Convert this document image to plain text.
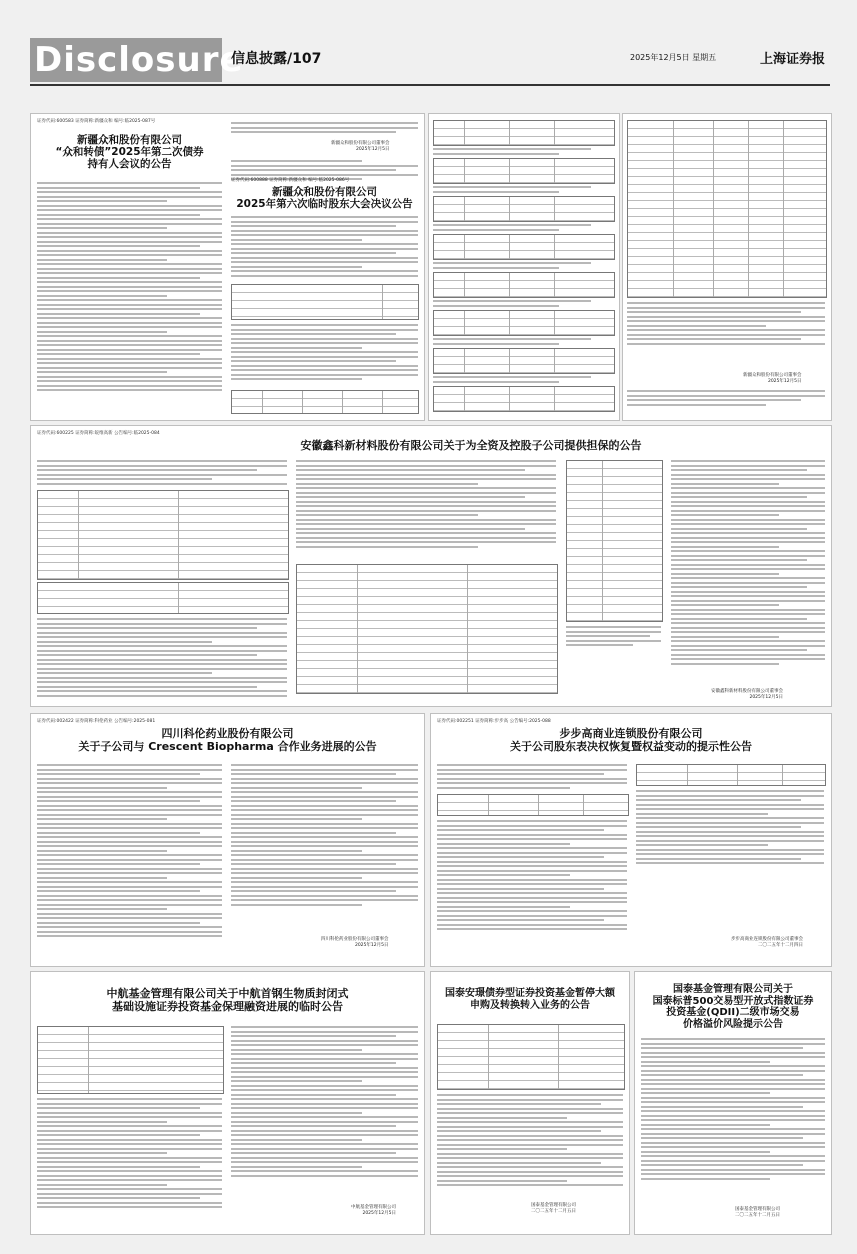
Disclosure
信息披露/107	2025年12月5日 星期五	上海证券报
证券代码:600583 证券简称:新疆众和 编号:临2025-087号
新疆众和股份有限公司
“众和转债”2025年第二次债券
持有人会议的公告
新疆众和股份有限公司董事会
2025年12月5日
证券代码:600888 证券简称:新疆众和 编号:临2025-086号
新疆众和股份有限公司
2025年第六次临时股东大会决议公告
新疆众和股份有限公司董事会
2025年12月5日
证券代码:600225 证券简称:皖维高新 公告编号:临2025-084
安徽鑫科新材料股份有限公司关于为全资及控股子公司提供担保的公告
安徽鑫科新材料股份有限公司董事会
2025年12月5日
证券代码:002422 证券简称:科伦药业 公告编号:2025-081
四川科伦药业股份有限公司
关于子公司与 Crescent Biopharma 合作业务进展的公告
四川科伦药业股份有限公司董事会
2025年12月5日
证券代码:002251 证券简称:步步高 公告编号:2025-088
步步高商业连锁股份有限公司
关于公司股东表决权恢复暨权益变动的提示性公告
步步高商业连锁股份有限公司董事会
二〇二五年十二月四日
中航基金管理有限公司关于中航首钢生物质封闭式
基础设施证券投资基金保理融资进展的临时公告
中航基金管理有限公司
2025年12月5日
国泰安璟债券型证券投资基金暂停大额
申购及转换转入业务的公告
国泰基金管理有限公司
二〇二五年十二月五日
国泰基金管理有限公司关于
国泰标普500交易型开放式指数证券
投资基金(QDII)二级市场交易
价格溢价风险提示公告
国泰基金管理有限公司
二〇二五年十二月五日
